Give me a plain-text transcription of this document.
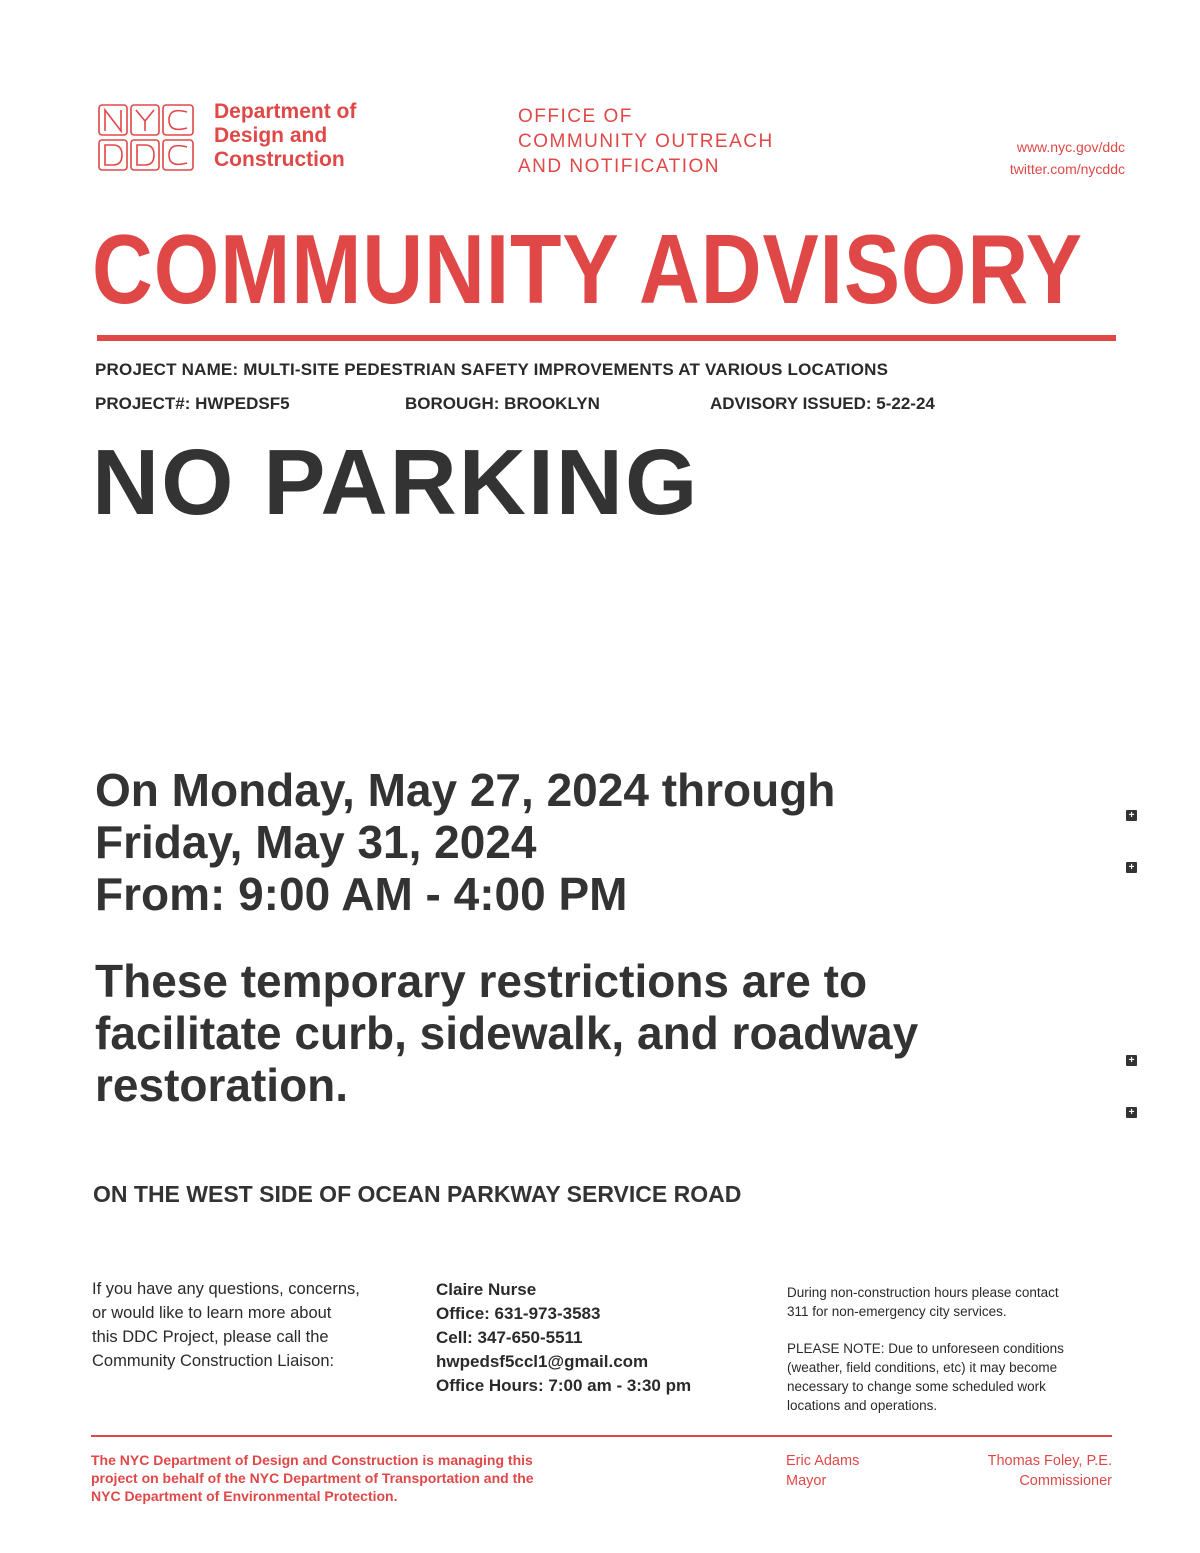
Department of
Design and
Construction
OFFICE OF
COMMUNITY OUTREACH
AND NOTIFICATION
www.nyc.gov/ddc
twitter.com/nycddc
COMMUNITY ADVISORY
PROJECT NAME: MULTI-SITE PEDESTRIAN SAFETY IMPROVEMENTS AT VARIOUS LOCATIONS
PROJECT#: HWPEDSF5	BOROUGH: BROOKLYN	ADVISORY ISSUED: 5-22-24
NO PARKING
On Monday, May 27, 2024 through
Friday, May 31, 2024
From: 9:00 AM - 4:00 PM
These temporary restrictions are to
facilitate curb, sidewalk, and roadway
restoration.
+
+
+
+
ON THE WEST SIDE OF OCEAN PARKWAY SERVICE ROAD
If you have any questions, concerns,
or would like to learn more about
this DDC Project, please call the
Community Construction Liaison:
Claire Nurse
Office: 631-973-3583
Cell: 347-650-5511
hwpedsf5ccl1@gmail.com
Office Hours: 7:00 am - 3:30 pm
During non-construction hours please contact
311 for non-emergency city services.
PLEASE NOTE: Due to unforeseen conditions
(weather, field conditions, etc) it may become
necessary to change some scheduled work
locations and operations.
The NYC Department of Design and Construction is managing this
project on behalf of the NYC Department of Transportation and the
NYC Department of Environmental Protection.
Eric Adams
Mayor
Thomas Foley, P.E.
Commissioner
